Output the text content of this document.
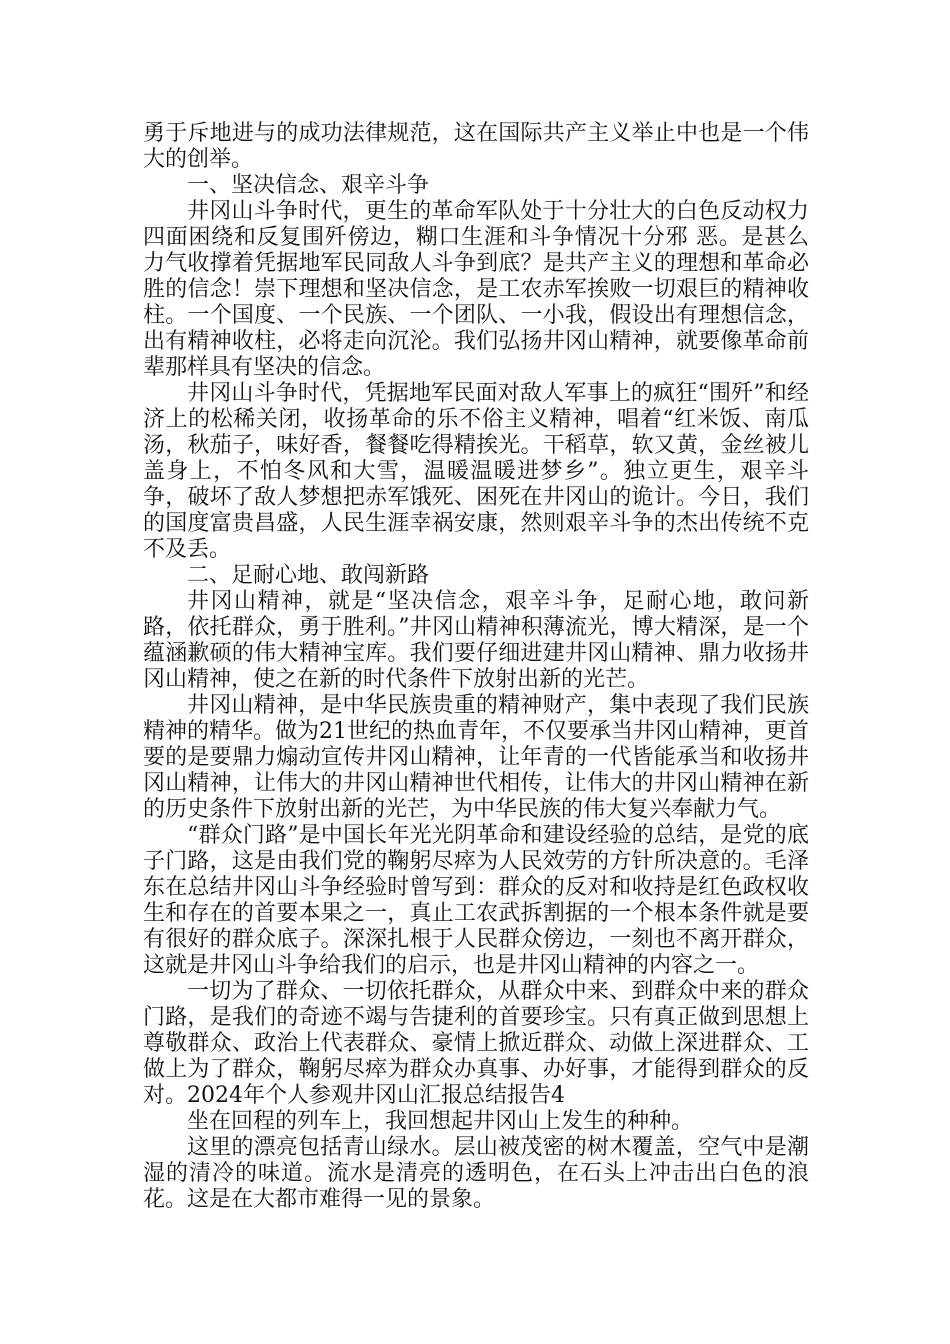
勇于斥地进与的成功法律规范，这在国际共产主义举止中也是一个伟大的创举。

一、坚决信念、艰辛斗争

井冈山斗争时代，更生的革命军队处于十分壮大的白色反动权力四面困绕和反复围歼傍边，糊口生涯和斗争情况十分邪 恶。是甚么力气收撑着凭据地军民同敌人斗争到底？是共产主义的理想和革命必胜的信念！崇下理想和坚决信念，是工农赤军挨败一切艰巨的精神收柱。一个国度、一个民族、一个团队、一小我，假设出有理想信念，出有精神收柱，必将走向沉沦。我们弘扬井冈山精神，就要像革命前辈那样具有坚决的信念。

井冈山斗争时代，凭据地军民面对敌人军事上的疯狂“围歼”和经济上的松稀关闭，收扬革命的乐不俗主义精神，唱着“红米饭、南瓜汤，秋茄子，味好香，餐餐吃得精挨光。干稻草，软又黄，金丝被儿盖身上，不怕冬风和大雪，温暖温暖进梦乡”。独立更生，艰辛斗争，破坏了敌人梦想把赤军饿死、困死在井冈山的诡计。今日，我们的国度富贵昌盛，人民生涯幸祸安康，然则艰辛斗争的杰出传统不克不及丢。

二、足耐心地、敢闯新路

井冈山精神，就是“坚决信念，艰辛斗争，足耐心地，敢问新路，依托群众，勇于胜利。”井冈山精神积薄流光，博大精深，是一个蕴涵歉硕的伟大精神宝库。我们要仔细进建井冈山精神、鼎力收扬井冈山精神，使之在新的时代条件下放射出新的光芒。

井冈山精神，是中华民族贵重的精神财产，集中表现了我们民族精神的精华。做为21世纪的热血青年，不仅要承当井冈山精神，更首要的是要鼎力煽动宣传井冈山精神，让年青的一代皆能承当和收扬井冈山精神，让伟大的井冈山精神世代相传，让伟大的井冈山精神在新的历史条件下放射出新的光芒，为中华民族的伟大复兴奉献力气。

“群众门路”是中国长年光光阴革命和建设经验的总结，是党的底子门路，这是由我们党的鞠躬尽瘁为人民效劳的方针所决意的。毛泽东在总结井冈山斗争经验时曾写到：群众的反对和收持是红色政权收生和存在的首要本果之一，真止工农武拆割据的一个根本条件就是要有很好的群众底子。深深扎根于人民群众傍边，一刻也不离开群众，这就是井冈山斗争给我们的启示，也是井冈山精神的内容之一。

一切为了群众、一切依托群众，从群众中来、到群众中来的群众门路，是我们的奇迹不竭与告捷利的首要珍宝。只有真正做到思想上尊敬群众、政治上代表群众、豪情上掀近群众、动做上深进群众、工做上为了群众，鞠躬尽瘁为群众办真事、办好事，才能得到群众的反对。2024年个人参观井冈山汇报总结报告4

坐在回程的列车上，我回想起井冈山上发生的种种。

这里的漂亮包括青山绿水。层山被茂密的树木覆盖，空气中是潮湿的清冷的味道。流水是清亮的透明色，在石头上冲击出白色的浪花。这是在大都市难得一见的景象。
